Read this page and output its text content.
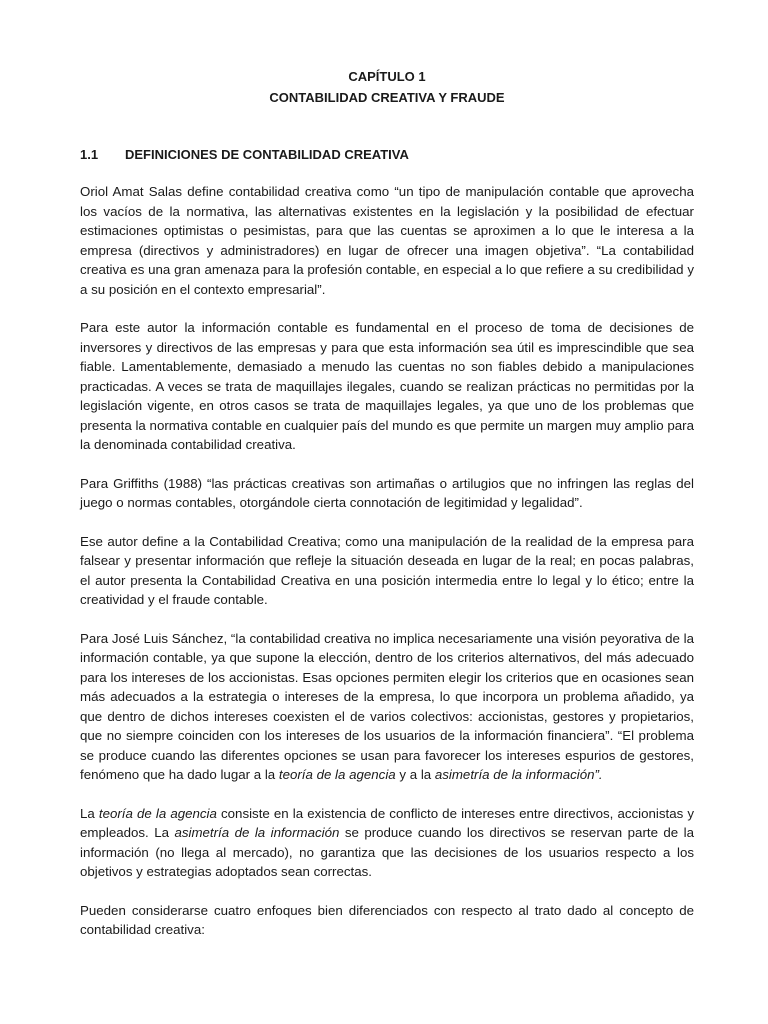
CAPÍTULO 1
CONTABILIDAD CREATIVA Y FRAUDE
1.1	DEFINICIONES DE CONTABILIDAD CREATIVA

Oriol Amat Salas define contabilidad creativa como “un tipo de manipulación contable que aprovecha los vacíos de la normativa, las alternativas existentes en la legislación y la posibilidad de efectuar estimaciones optimistas o pesimistas, para que las cuentas se aproximen a lo que le interesa a la empresa (directivos y administradores) en lugar de ofrecer una imagen objetiva”. “La contabilidad creativa es una gran amenaza para la profesión contable, en especial a lo que refiere a su credibilidad y a su posición en el contexto empresarial”.

Para este autor la información contable es fundamental en el proceso de toma de decisiones de inversores y directivos de las empresas y para que esta información sea útil es imprescindible que sea fiable. Lamentablemente, demasiado a menudo las cuentas no son fiables debido a manipulaciones practicadas. A veces se trata de maquillajes ilegales, cuando se realizan prácticas no permitidas por la legislación vigente, en otros casos se trata de maquillajes legales, ya que uno de los problemas que presenta la normativa contable en cualquier país del mundo es que permite un margen muy amplio para la denominada contabilidad creativa.

Para Griffiths (1988) “las prácticas creativas son artimañas o artilugios que no infringen las reglas del juego o normas contables, otorgándole cierta connotación de legitimidad y legalidad”.

Ese autor define a la Contabilidad Creativa; como una manipulación de la realidad de la empresa para falsear y presentar información que refleje la situación deseada en lugar de la real; en pocas palabras, el autor presenta la Contabilidad Creativa en una posición intermedia entre lo legal y lo ético; entre la creatividad y el fraude contable.

Para José Luis Sánchez, “la contabilidad creativa no implica necesariamente una visión peyorativa de la información contable, ya que supone la elección, dentro de los criterios alternativos, del más adecuado para los intereses de los accionistas. Esas opciones permiten elegir los criterios que en ocasiones sean más adecuados a la estrategia o intereses de la empresa, lo que incorpora un problema añadido, ya que dentro de dichos intereses coexisten el de varios colectivos: accionistas, gestores y propietarios, que no siempre coinciden con los intereses de los usuarios de la información financiera”. “El problema se produce cuando las diferentes opciones se usan para favorecer los intereses espurios de gestores, fenómeno que ha dado lugar a la teoría de la agencia y a la asimetría de la información”.

La teoría de la agencia consiste en la existencia de conflicto de intereses entre directivos, accionistas y empleados. La asimetría de la información se produce cuando los directivos se reservan parte de la información (no llega al mercado), no garantiza que las decisiones de los usuarios respecto a los objetivos y estrategias adoptados sean correctas.

Pueden considerarse cuatro enfoques bien diferenciados con respecto al trato dado al concepto de contabilidad creativa:
